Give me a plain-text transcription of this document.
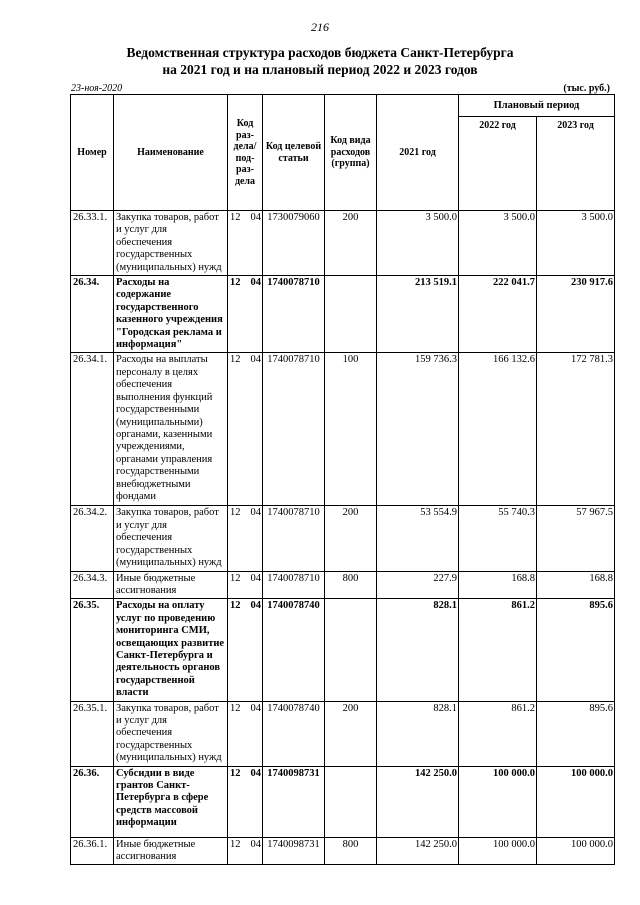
216
Ведомственная структура расходов бюджета Санкт-Петербурга
на 2021 год и на плановый период 2022 и 2023 годов
23-ноя-2020	(тыс. руб.)
Номер	Наименование	Код раз-дела/ под-раз-дела		Код целевой статьи	Код вида расходов (группа)	2021 год	Плановый период	
							2022 год	2023 год
26.33.1.	Закупка товаров, работ и услуг для обеспечения государственных (муниципальных) нужд	12	04	1730079060	200	3 500.0	3 500.0	3 500.0
26.34.	Расходы на содержание государственного казенного учреждения "Городская реклама и информация"	12	04	1740078710		213 519.1	222 041.7	230 917.6
26.34.1.	Расходы на выплаты персоналу в целях обеспечения выполнения функций государственными (муниципальными) органами, казенными учреждениями, органами управления государственными внебюджетными фондами	12	04	1740078710	100	159 736.3	166 132.6	172 781.3
26.34.2.	Закупка товаров, работ и услуг для обеспечения государственных (муниципальных) нужд	12	04	1740078710	200	53 554.9	55 740.3	57 967.5
26.34.3.	Иные бюджетные ассигнования	12	04	1740078710	800	227.9	168.8	168.8
26.35.	Расходы на оплату услуг по проведению мониторинга СМИ, освещающих развитие Санкт-Петербурга и деятельность органов государственной власти	12	04	1740078740		828.1	861.2	895.6
26.35.1.	Закупка товаров, работ и услуг для обеспечения государственных (муниципальных) нужд	12	04	1740078740	200	828.1	861.2	895.6
26.36.	Субсидии в виде грантов Санкт-Петербурга в сфере средств массовой информации	12	04	1740098731		142 250.0	100 000.0	100 000.0
26.36.1.	Иные бюджетные ассигнования	12	04	1740098731	800	142 250.0	100 000.0	100 000.0
